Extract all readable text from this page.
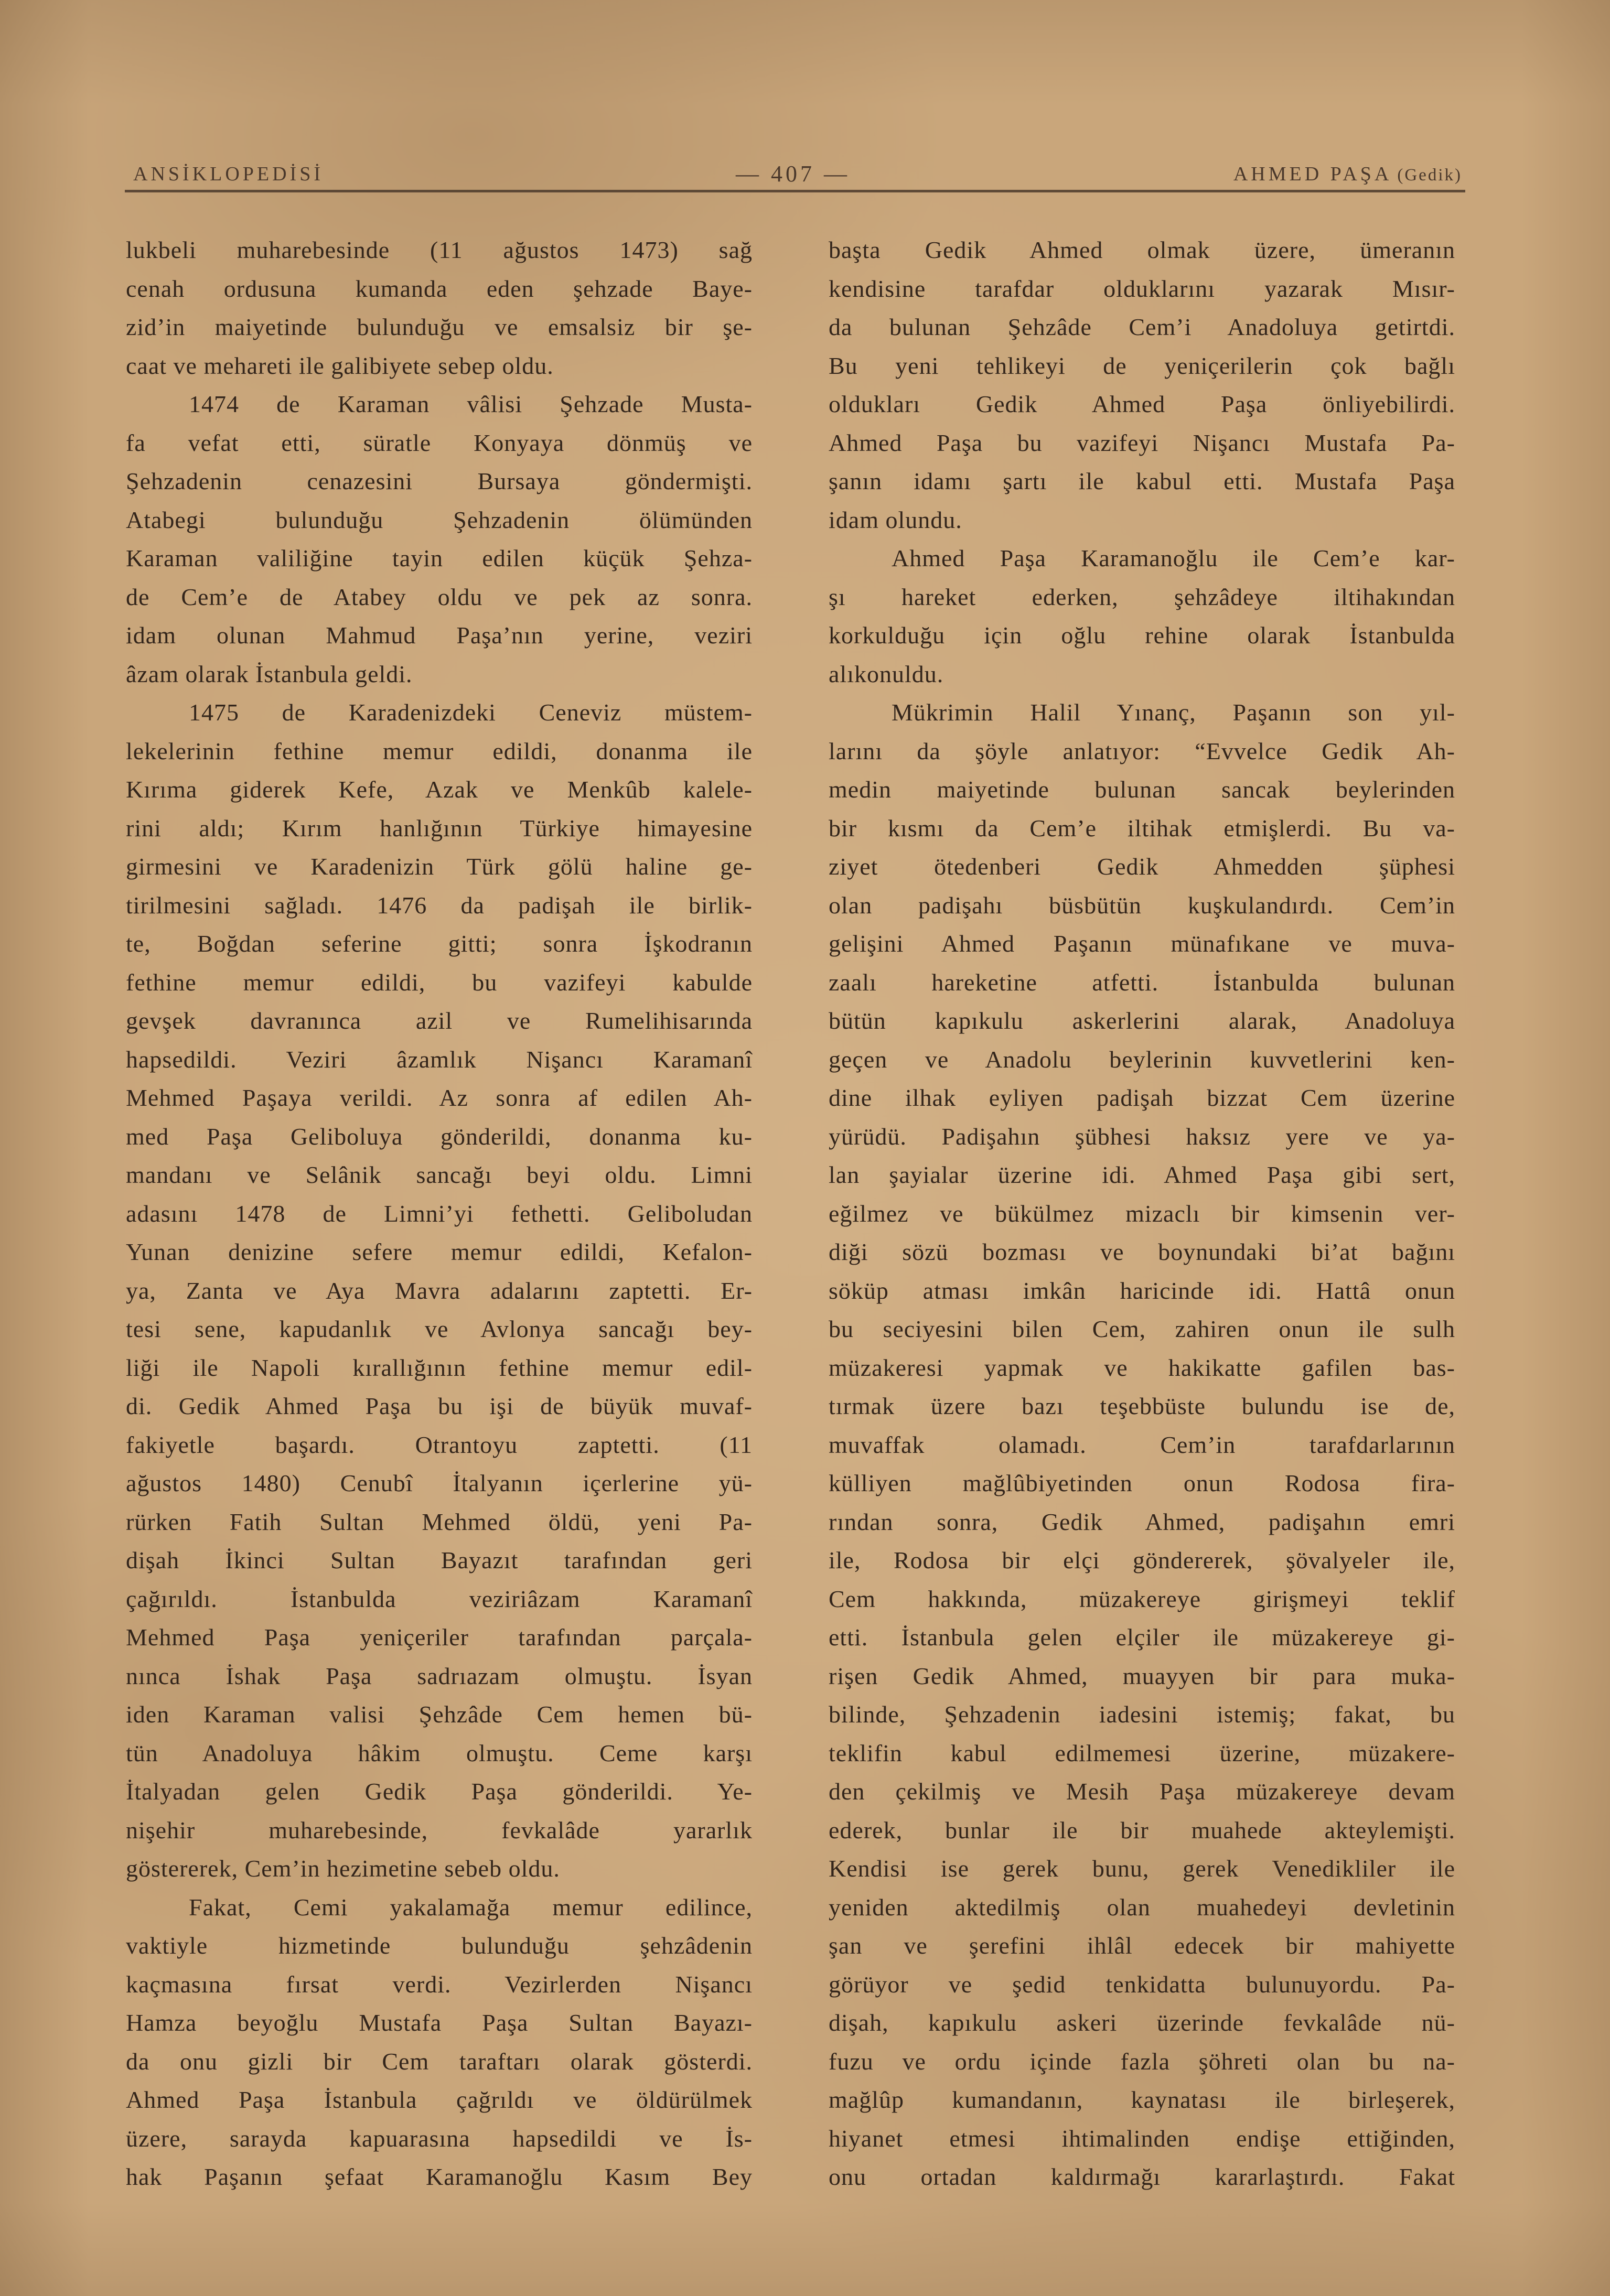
ANSİKLOPEDİSİ	— 407 —	AHMED PAŞA (Gedik)
lukbeli muharebesinde (11 ağustos 1473) sağ
cenah ordusuna kumanda eden şehzade Baye-
zid’in maiyetinde bulunduğu ve emsalsiz bir şe-
caat ve mehareti ile galibiyete sebep oldu.
1474 de Karaman vâlisi Şehzade Musta-
fa vefat etti, süratle Konyaya dönmüş ve
Şehzadenin cenazesini Bursaya göndermişti.
Atabegi bulunduğu Şehzadenin ölümünden
Karaman valiliğine tayin edilen küçük Şehza-
de Cem’e de Atabey oldu ve pek az sonra.
idam olunan Mahmud Paşa’nın yerine, veziri
âzam olarak İstanbula geldi.
1475 de Karadenizdeki Ceneviz müstem-
lekelerinin fethine memur edildi, donanma ile
Kırıma giderek Kefe, Azak ve Menkûb kalele-
rini aldı; Kırım hanlığının Türkiye himayesine
girmesini ve Karadenizin Türk gölü haline ge-
tirilmesini sağladı. 1476 da padişah ile birlik-
te, Boğdan seferine gitti; sonra İşkodranın
fethine memur edildi, bu vazifeyi kabulde
gevşek davranınca azil ve Rumelihisarında
hapsedildi. Veziri âzamlık Nişancı Karamanî
Mehmed Paşaya verildi. Az sonra af edilen Ah-
med Paşa Geliboluya gönderildi, donanma ku-
mandanı ve Selânik sancağı beyi oldu. Limni
adasını 1478 de Limni’yi fethetti. Geliboludan
Yunan denizine sefere memur edildi, Kefalon-
ya, Zanta ve Aya Mavra adalarını zaptetti. Er-
tesi sene, kapudanlık ve Avlonya sancağı bey-
liği ile Napoli kırallığının fethine memur edil-
di. Gedik Ahmed Paşa bu işi de büyük muvaf-
fakiyetle başardı. Otrantoyu zaptetti. (11
ağustos 1480) Cenubî İtalyanın içerlerine yü-
rürken Fatih Sultan Mehmed öldü, yeni Pa-
dişah İkinci Sultan Bayazıt tarafından geri
çağırıldı. İstanbulda veziriâzam Karamanî
Mehmed Paşa yeniçeriler tarafından parçala-
nınca İshak Paşa sadrıazam olmuştu. İsyan
iden Karaman valisi Şehzâde Cem hemen bü-
tün Anadoluya hâkim olmuştu. Ceme karşı
İtalyadan gelen Gedik Paşa gönderildi. Ye-
nişehir muharebesinde, fevkalâde yararlık
göstererek, Cem’in hezimetine sebeb oldu.
Fakat, Cemi yakalamağa memur edilince,
vaktiyle hizmetinde bulunduğu şehzâdenin
kaçmasına fırsat verdi. Vezirlerden Nişancı
Hamza beyoğlu Mustafa Paşa Sultan Bayazı-
da onu gizli bir Cem taraftarı olarak gösterdi.
Ahmed Paşa İstanbula çağrıldı ve öldürülmek
üzere, sarayda kapuarasına hapsedildi ve İs-
hak Paşanın şefaat Karamanoğlu Kasım Bey
başta Gedik Ahmed olmak üzere, ümeranın
kendisine tarafdar olduklarını yazarak Mısır-
da bulunan Şehzâde Cem’i Anadoluya getirtdi.
Bu yeni tehlikeyi de yeniçerilerin çok bağlı
oldukları Gedik Ahmed Paşa önliyebilirdi.
Ahmed Paşa bu vazifeyi Nişancı Mustafa Pa-
şanın idamı şartı ile kabul etti. Mustafa Paşa
idam olundu.
Ahmed Paşa Karamanoğlu ile Cem’e kar-
şı hareket ederken, şehzâdeye iltihakından
korkulduğu için oğlu rehine olarak İstanbulda
alıkonuldu.
Mükrimin Halil Yınanç, Paşanın son yıl-
larını da şöyle anlatıyor: “Evvelce Gedik Ah-
medin maiyetinde bulunan sancak beylerinden
bir kısmı da Cem’e iltihak etmişlerdi. Bu va-
ziyet ötedenberi Gedik Ahmedden şüphesi
olan padişahı büsbütün kuşkulandırdı. Cem’in
gelişini Ahmed Paşanın münafıkane ve muva-
zaalı hareketine atfetti. İstanbulda bulunan
bütün kapıkulu askerlerini alarak, Anadoluya
geçen ve Anadolu beylerinin kuvvetlerini ken-
dine ilhak eyliyen padişah bizzat Cem üzerine
yürüdü. Padişahın şübhesi haksız yere ve ya-
lan şayialar üzerine idi. Ahmed Paşa gibi sert,
eğilmez ve bükülmez mizaclı bir kimsenin ver-
diği sözü bozması ve boynundaki bi’at bağını
söküp atması imkân haricinde idi. Hattâ onun
bu seciyesini bilen Cem, zahiren onun ile sulh
müzakeresi yapmak ve hakikatte gafilen bas-
tırmak üzere bazı teşebbüste bulundu ise de,
muvaffak olamadı. Cem’in tarafdarlarının
külliyen mağlûbiyetinden onun Rodosa fira-
rından sonra, Gedik Ahmed, padişahın emri
ile, Rodosa bir elçi göndererek, şövalyeler ile,
Cem hakkında, müzakereye girişmeyi teklif
etti. İstanbula gelen elçiler ile müzakereye gi-
rişen Gedik Ahmed, muayyen bir para muka-
bilinde, Şehzadenin iadesini istemiş; fakat, bu
teklifin kabul edilmemesi üzerine, müzakere-
den çekilmiş ve Mesih Paşa müzakereye devam
ederek, bunlar ile bir muahede akteylemişti.
Kendisi ise gerek bunu, gerek Venedikliler ile
yeniden aktedilmiş olan muahedeyi devletinin
şan ve şerefini ihlâl edecek bir mahiyette
görüyor ve şedid tenkidatta bulunuyordu. Pa-
dişah, kapıkulu askeri üzerinde fevkalâde nü-
fuzu ve ordu içinde fazla şöhreti olan bu na-
mağlûp kumandanın, kaynatası ile birleşerek,
hiyanet etmesi ihtimalinden endişe ettiğinden,
onu ortadan kaldırmağı kararlaştırdı. Fakat
